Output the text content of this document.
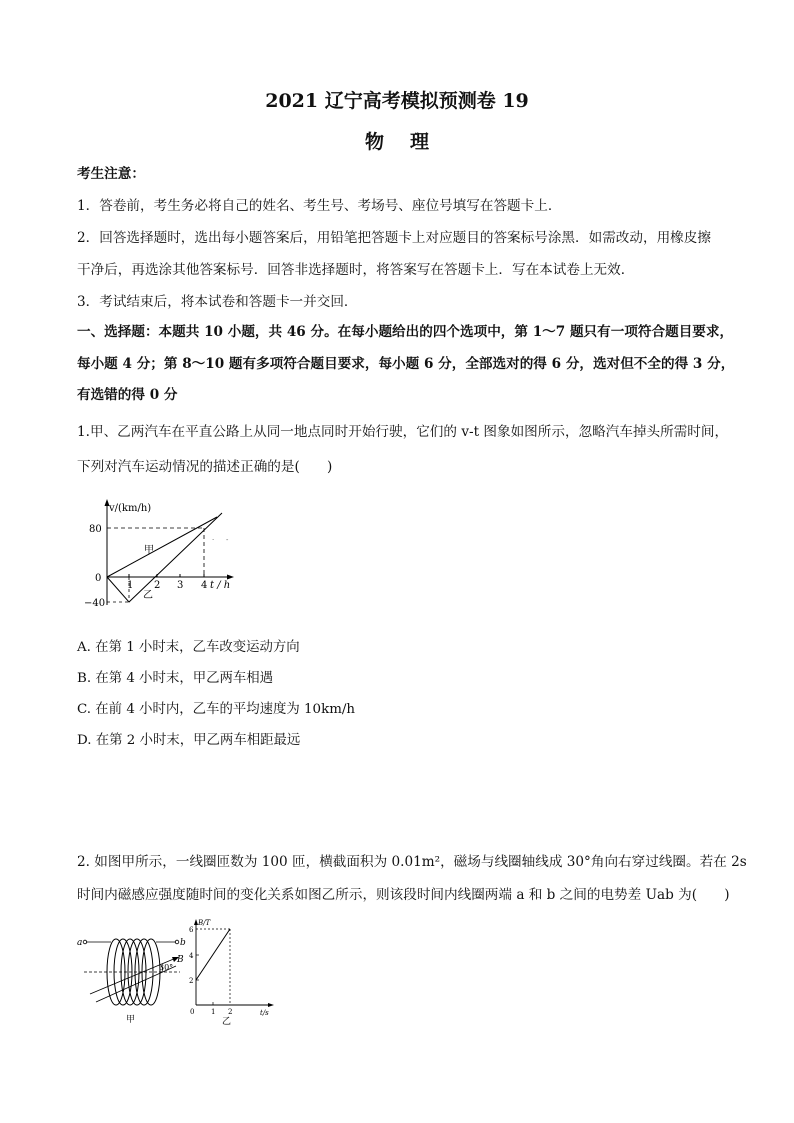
2021 辽宁高考模拟预测卷 19
物理
考生注意：
1．答卷前，考生务必将自己的姓名、考生号、考场号、座位号填写在答题卡上．
2．回答选择题时，选出每小题答案后，用铅笔把答题卡上对应题目的答案标号涂黑．如需改动，用橡皮擦
干净后，再选涂其他答案标号．回答非选择题时，将答案写在答题卡上．写在本试卷上无效．
3．考试结束后，将本试卷和答题卡一并交回．
一、选择题：本题共 10 小题，共 46 分。在每小题给出的四个选项中，第 1～7 题只有一项符合题目要求，
每小题 4 分；第 8～10 题有多项符合题目要求，每小题 6 分，全部选对的得 6 分，选对但不全的得 3 分，
有选错的得 0 分
1.甲、乙两汽车在平直公路上从同一地点同时开始行驶，它们的 v-t 图象如图所示，忽略汽车掉头所需时间，
下列对汽车运动情况的描述正确的是(　　)
· -
v/(km/h)
t / h
80
0
−40
1 2 3 4
甲
乙
A. 在第 1 小时末，乙车改变运动方向
B. 在第 4 小时末，甲乙两车相遇
C. 在前 4 小时内，乙车的平均速度为 10km/h
D. 在第 2 小时末，甲乙两车相距最远
2. 如图甲所示，一线圈匝数为 100 匝，横截面积为 0.01m²，磁场与线圈轴线成 30°角向右穿过线圈。若在 2s
时间内磁感应强度随时间的变化关系如图乙所示，则该段时间内线圈两端 a 和 b 之间的电势差 Uab 为(　　)
a	b
B
30°
甲
B/T
t/s
6
4
2
0 1 2
乙
